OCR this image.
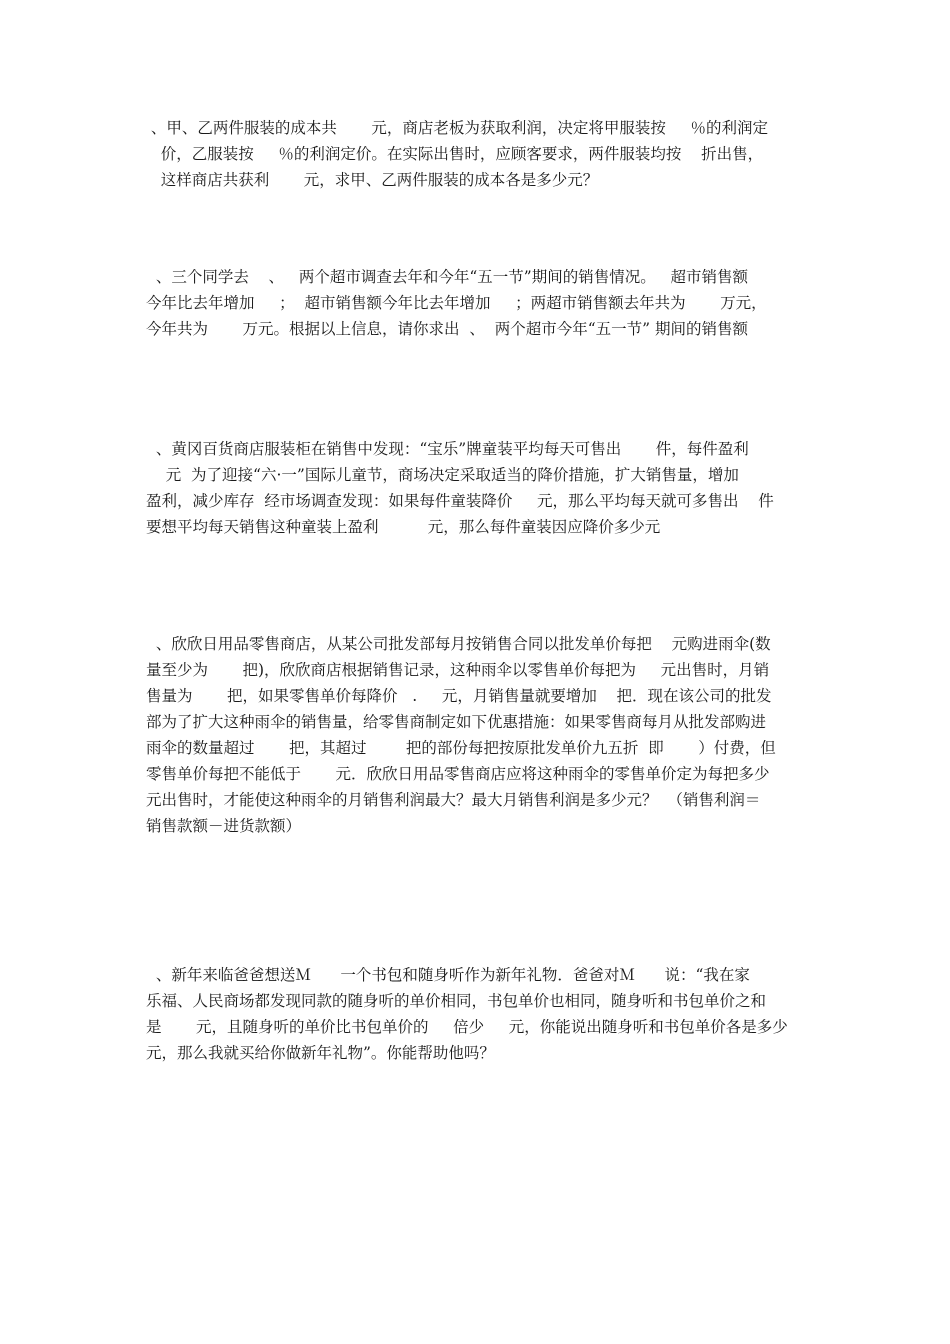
、甲、乙两件服装的成本共       元，商店老板为获取利润，决定将甲服装按     ％的利润定
价，乙服装按     ％的利润定价。在实际出售时，应顾客要求，两件服装均按    折出售，
这样商店共获利       元，求甲、乙两件服装的成本各是多少元？
、三个同学去    、   两个超市调查去年和今年“五一节”期间的销售情况。   超市销售额
今年比去年增加     ；  超市销售额今年比去年增加     ；两超市销售额去年共为       万元，
今年共为       万元。根据以上信息，请你求出  、  两个超市今年“五一节” 期间的销售额
、黄冈百货商店服装柜在销售中发现：“宝乐”牌童装平均每天可售出       件，每件盈利
元  为了迎接“六·一”国际儿童节，商场决定采取适当的降价措施，扩大销售量，增加
盈利，减少库存  经市场调查发现：如果每件童装降价     元，那么平均每天就可多售出    件
要想平均每天销售这种童装上盈利          元，那么每件童装因应降价多少元
、欣欣日用品零售商店，从某公司批发部每月按销售合同以批发单价每把    元购进雨伞(数
量至少为       把)，欣欣商店根据销售记录，这种雨伞以零售单价每把为     元出售时，月销
售量为       把，如果零售单价每降价   .     元，月销售量就要增加    把．现在该公司的批发
部为了扩大这种雨伞的销售量，给零售商制定如下优惠措施：如果零售商每月从批发部购进
雨伞的数量超过       把，其超过        把的部份每把按原批发单价九五折  即       ）付费，但
零售单价每把不能低于       元．欣欣日用品零售商店应将这种雨伞的零售单价定为每把多少
元出售时，才能使这种雨伞的月销售利润最大？最大月销售利润是多少元？  （销售利润＝
销售款额－进货款额）
、新年来临爸爸想送Ｍ      一个书包和随身听作为新年礼物．爸爸对Ｍ      说：“我在家
乐福、人民商场都发现同款的随身听的单价相同，书包单价也相同，随身听和书包单价之和
是       元，且随身听的单价比书包单价的     倍少     元，你能说出随身听和书包单价各是多少
元，那么我就买给你做新年礼物”。你能帮助他吗？
